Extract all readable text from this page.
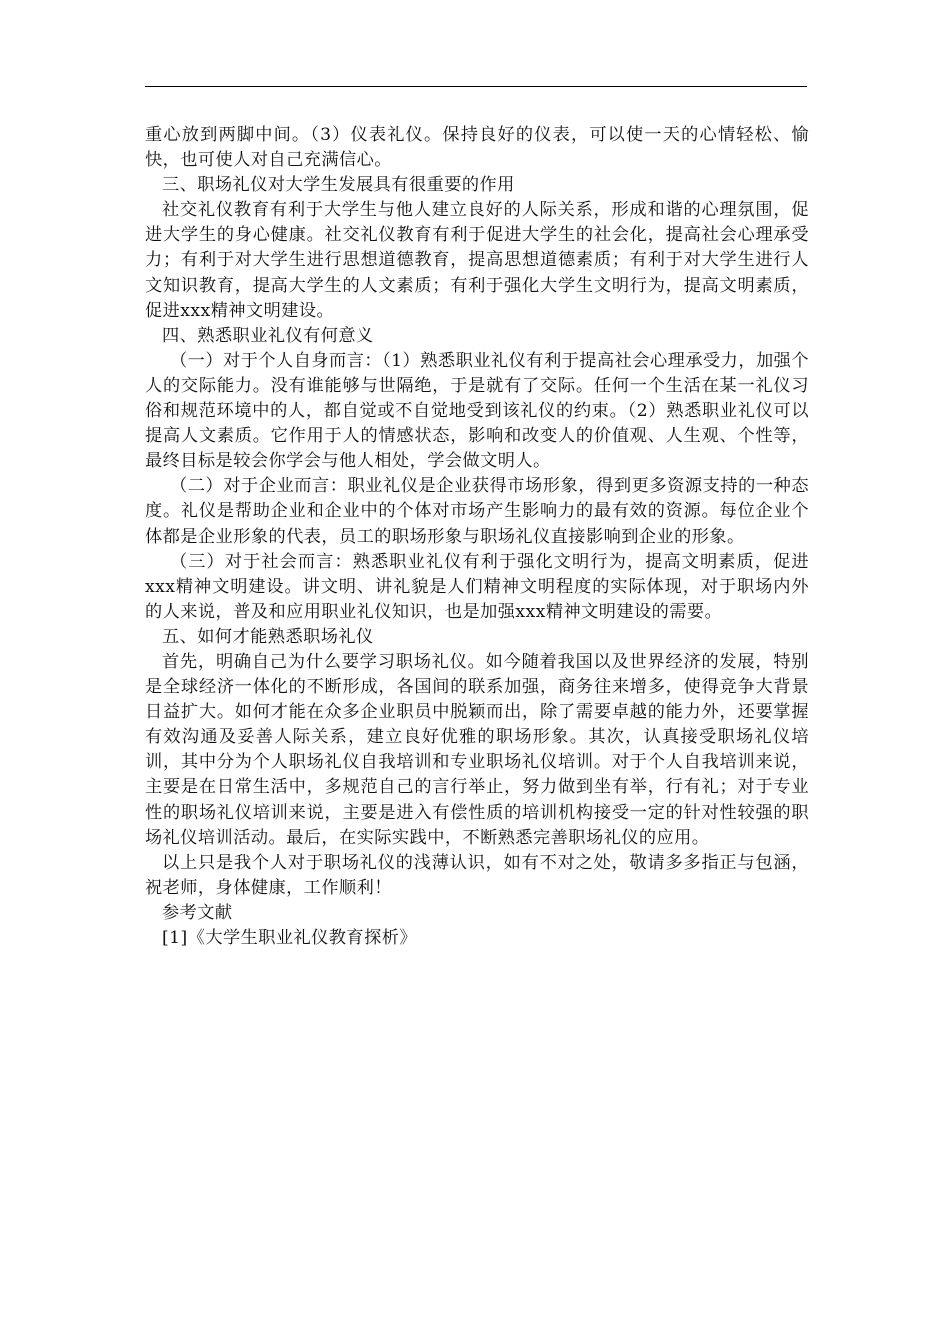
重心放到两脚中间。（3）仪表礼仪。保持良好的仪表，可以使一天的心情轻松、愉快，也可使人对自己充满信心。

三、职场礼仪对大学生发展具有很重要的作用

社交礼仪教育有利于大学生与他人建立良好的人际关系，形成和谐的心理氛围，促进大学生的身心健康。社交礼仪教育有利于促进大学生的社会化，提高社会心理承受力；有利于对大学生进行思想道德教育，提高思想道德素质；有利于对大学生进行人文知识教育，提高大学生的人文素质；有利于强化大学生文明行为，提高文明素质，促进xxx精神文明建设。

四、熟悉职业礼仪有何意义

（一）对于个人自身而言：（1）熟悉职业礼仪有利于提高社会心理承受力，加强个人的交际能力。没有谁能够与世隔绝，于是就有了交际。任何一个生活在某一礼仪习俗和规范环境中的人，都自觉或不自觉地受到该礼仪的约束。（2）熟悉职业礼仪可以提高人文素质。它作用于人的情感状态，影响和改变人的价值观、人生观、个性等，最终目标是较会你学会与他人相处，学会做文明人。

（二）对于企业而言：职业礼仪是企业获得市场形象，得到更多资源支持的一种态度。礼仪是帮助企业和企业中的个体对市场产生影响力的最有效的资源。每位企业个体都是企业形象的代表，员工的职场形象与职场礼仪直接影响到企业的形象。

（三）对于社会而言：熟悉职业礼仪有利于强化文明行为，提高文明素质，促进xxx精神文明建设。讲文明、讲礼貌是人们精神文明程度的实际体现，对于职场内外的人来说，普及和应用职业礼仪知识，也是加强xxx精神文明建设的需要。

五、如何才能熟悉职场礼仪

首先，明确自己为什么要学习职场礼仪。如今随着我国以及世界经济的发展，特别是全球经济一体化的不断形成，各国间的联系加强，商务往来增多，使得竞争大背景日益扩大。如何才能在众多企业职员中脱颖而出，除了需要卓越的能力外，还要掌握有效沟通及妥善人际关系，建立良好优雅的职场形象。其次，认真接受职场礼仪培训，其中分为个人职场礼仪自我培训和专业职场礼仪培训。对于个人自我培训来说，主要是在日常生活中，多规范自己的言行举止，努力做到坐有举，行有礼；对于专业性的职场礼仪培训来说，主要是进入有偿性质的培训机构接受一定的针对性较强的职场礼仪培训活动。最后，在实际实践中，不断熟悉完善职场礼仪的应用。

以上只是我个人对于职场礼仪的浅薄认识，如有不对之处，敬请多多指正与包涵，祝老师，身体健康，工作顺利！

参考文献

[1]《大学生职业礼仪教育探析》
